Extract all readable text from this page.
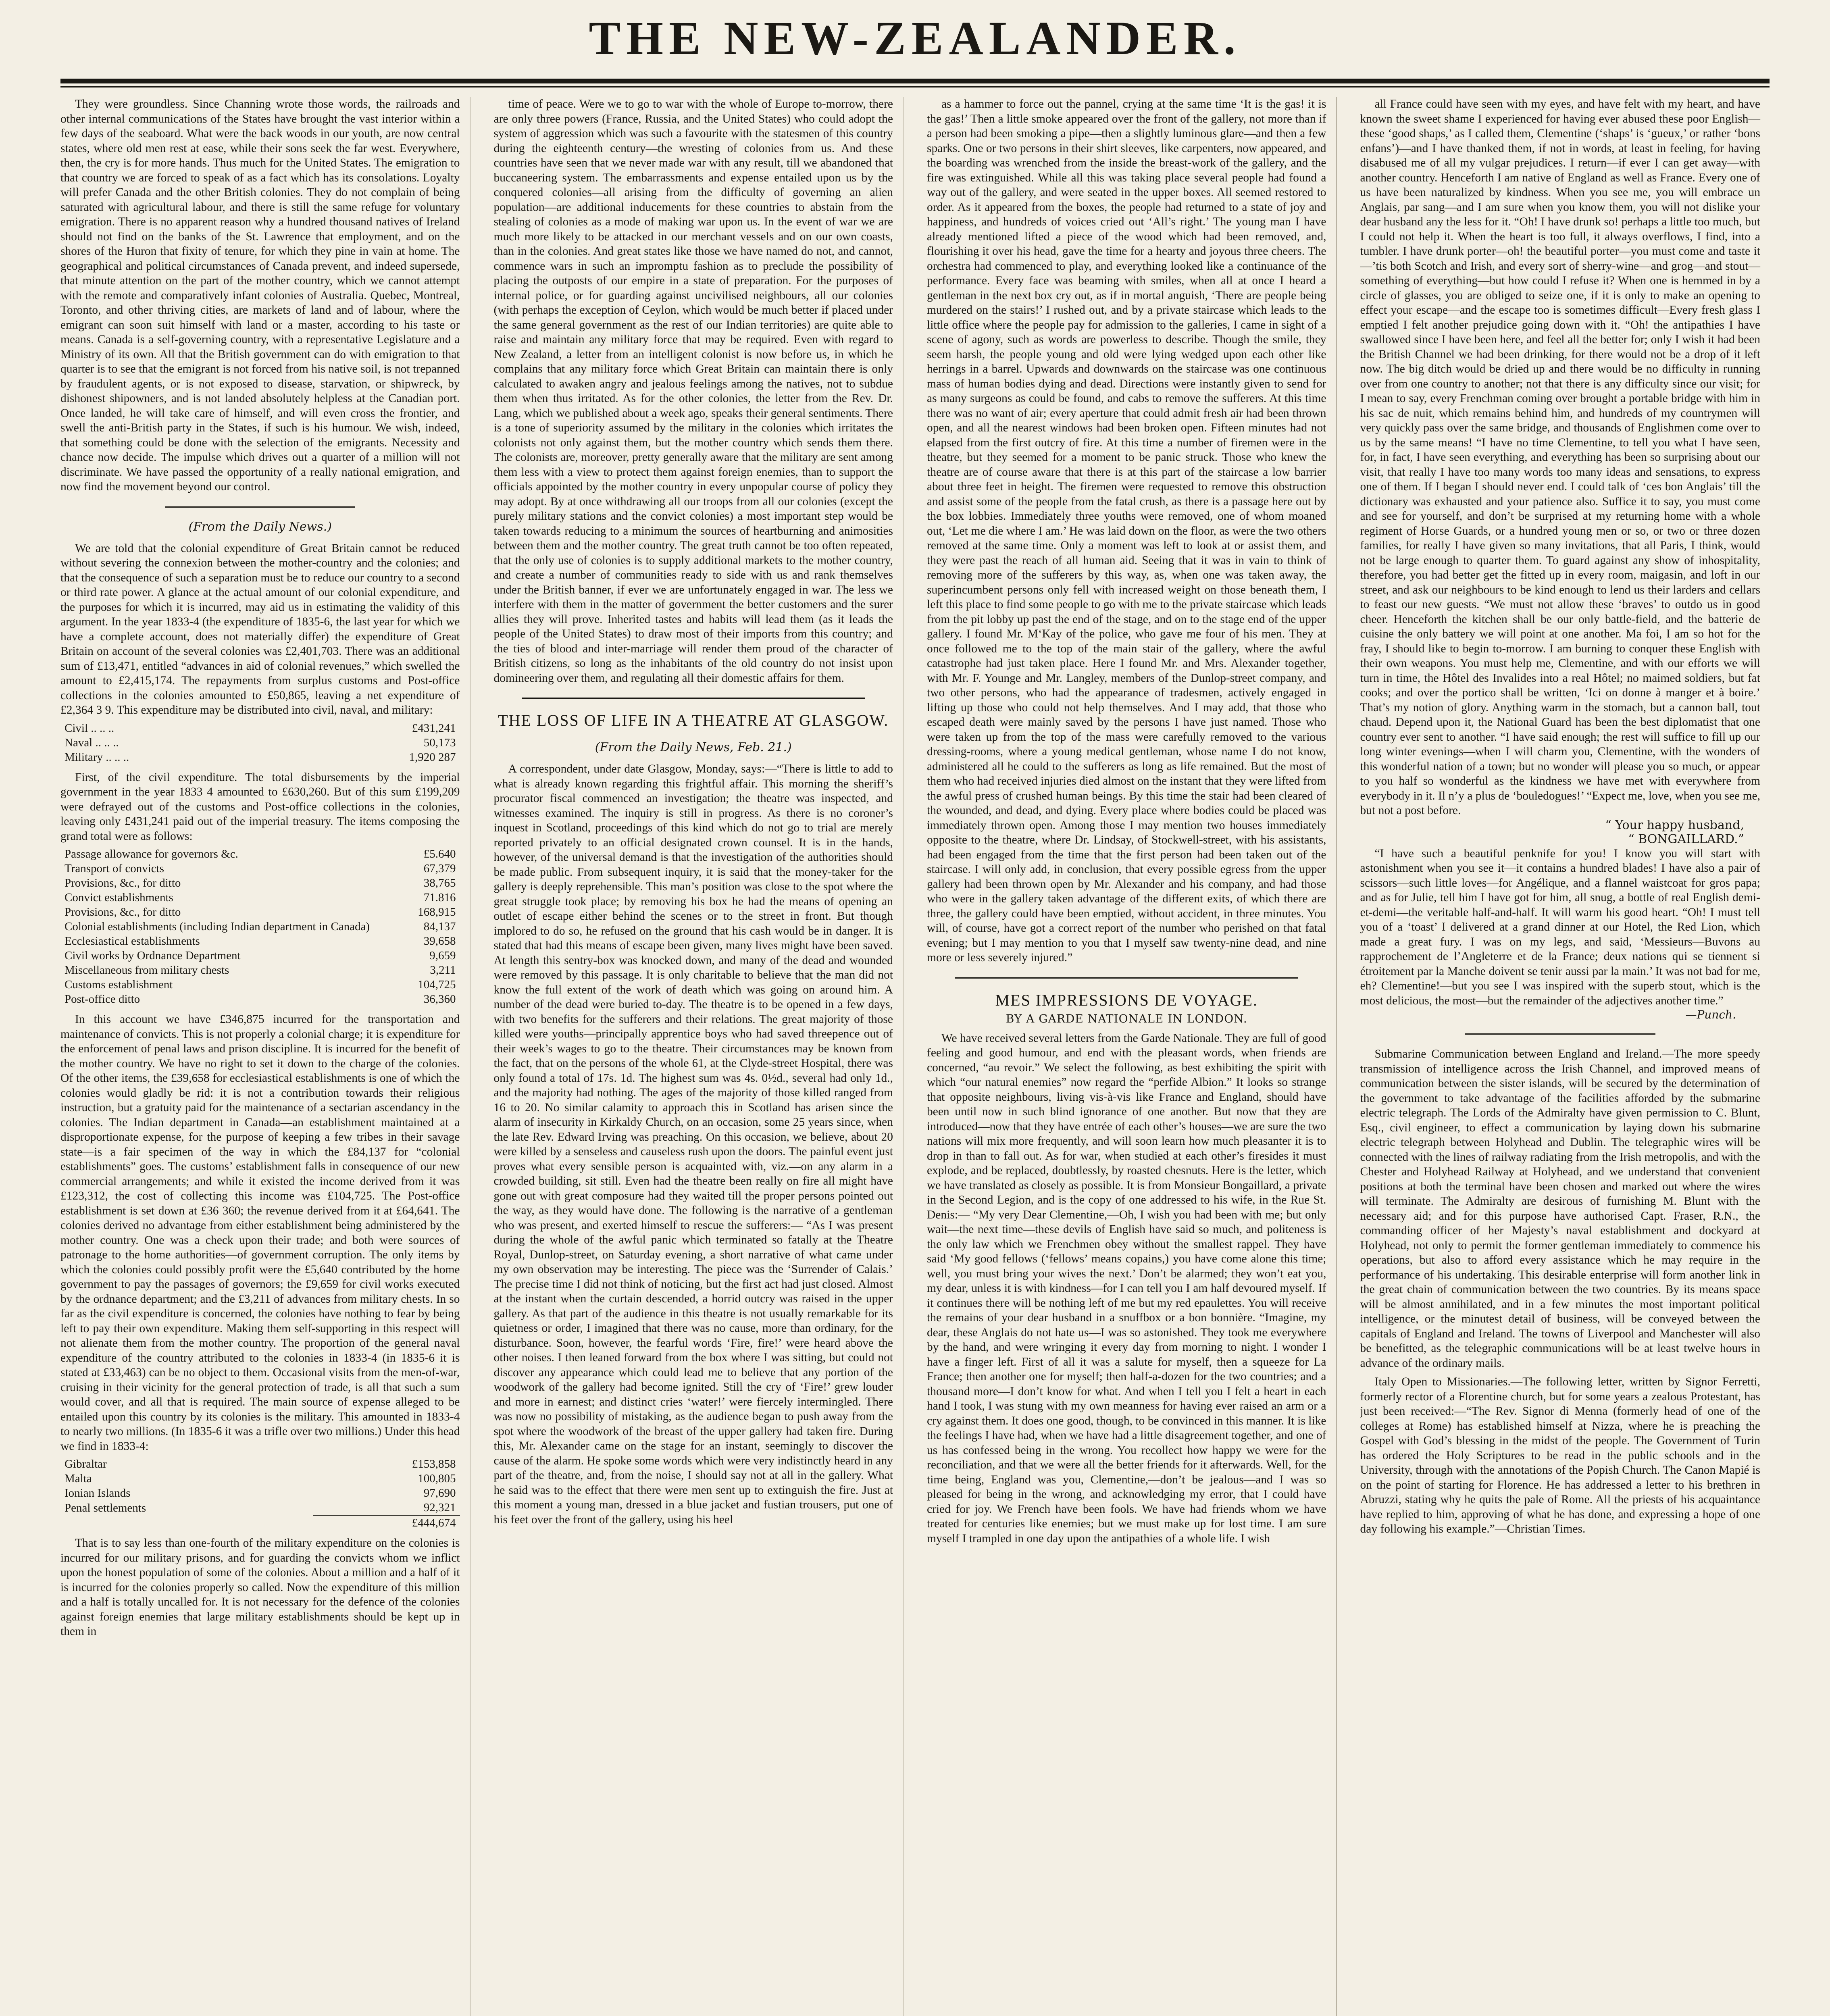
THE NEW-ZEALANDER.

They were groundless. Since Channing wrote those words, the railroads and other internal communications of the States have brought the vast interior within a few days of the seaboard. What were the back woods in our youth, are now central states, where old men rest at ease, while their sons seek the far west. Everywhere, then, the cry is for more hands. Thus much for the United States. The emigration to that country we are forced to speak of as a fact which has its consolations. Loyalty will prefer Canada and the other British colonies. They do not complain of being saturated with agricultural labour, and there is still the same refuge for voluntary emigration. There is no apparent reason why a hundred thousand natives of Ireland should not find on the banks of the St. Lawrence that employment, and on the shores of the Huron that fixity of tenure, for which they pine in vain at home. The geographical and political circumstances of Canada prevent, and indeed supersede, that minute attention on the part of the mother country, which we cannot attempt with the remote and comparatively infant colonies of Australia. Quebec, Montreal, Toronto, and other thriving cities, are markets of land and of labour, where the emigrant can soon suit himself with land or a master, according to his taste or means. Canada is a self-governing country, with a representative Legislature and a Ministry of its own. All that the British government can do with emigration to that quarter is to see that the emigrant is not forced from his native soil, is not trepanned by fraudulent agents, or is not exposed to disease, starvation, or shipwreck, by dishonest shipowners, and is not landed absolutely helpless at the Canadian port. Once landed, he will take care of himself, and will even cross the frontier, and swell the anti-British party in the States, if such is his humour. We wish, indeed, that something could be done with the selection of the emigrants. Necessity and chance now decide. The impulse which drives out a quarter of a million will not discriminate. We have passed the opportunity of a really national emigration, and now find the movement beyond our control.

(From the Daily News.)

We are told that the colonial expenditure of Great Britain cannot be reduced without severing the connexion between the mother-country and the colonies; and that the consequence of such a separation must be to reduce our country to a second or third rate power. A glance at the actual amount of our colonial expenditure, and the purposes for which it is incurred, may aid us in estimating the validity of this argument. In the year 1833-4 (the expenditure of 1835-6, the last year for which we have a complete account, does not materially differ) the expenditure of Great Britain on account of the several colonies was £2,401,703. There was an additional sum of £13,471, entitled “advances in aid of colonial revenues,” which swelled the amount to £2,415,174. The repayments from surplus customs and Post-office collections in the colonies amounted to £50,865, leaving a net expenditure of £2,364 3 9. This expenditure may be distributed into civil, naval, and military:

Civil .. .. ..	£431,241
Naval .. .. ..	50,173
Military .. .. ..	1,920 287

First, of the civil expenditure. The total disbursements by the imperial government in the year 1833 4 amounted to £630,260. But of this sum £199,209 were defrayed out of the customs and Post-office collections in the colonies, leaving only £431,241 paid out of the imperial treasury. The items composing the grand total were as follows:

Passage allowance for governors &c.	£5.640
Transport of convicts	67,379
Provisions, &c., for ditto	38,765
Convict establishments	71.816
Provisions, &c., for ditto	168,915
Colonial establishments (including Indian department in Canada)	84,137
Ecclesiastical establishments	39,658
Civil works by Ordnance Department	9,659
Miscellaneous from military chests	3,211
Customs establishment	104,725
Post-office ditto	36,360

In this account we have £346,875 incurred for the transportation and maintenance of convicts. This is not properly a colonial charge; it is expenditure for the enforcement of penal laws and prison discipline. It is incurred for the benefit of the mother country. We have no right to set it down to the charge of the colonies. Of the other items, the £39,658 for ecclesiastical establishments is one of which the colonies would gladly be rid: it is not a contribution towards their religious instruction, but a gratuity paid for the maintenance of a sectarian ascendancy in the colonies. The Indian department in Canada—an establishment maintained at a disproportionate expense, for the purpose of keeping a few tribes in their savage state—is a fair specimen of the way in which the £84,137 for “colonial establishments” goes. The customs’ establishment falls in consequence of our new commercial arrangements; and while it existed the income derived from it was £123,312, the cost of collecting this income was £104,725. The Post-office establishment is set down at £36 360; the revenue derived from it at £64,641. The colonies derived no advantage from either establishment being administered by the mother country. One was a check upon their trade; and both were sources of patronage to the home authorities—of government corruption. The only items by which the colonies could possibly profit were the £5,640 contributed by the home government to pay the passages of governors; the £9,659 for civil works executed by the ordnance department; and the £3,211 of advances from military chests. In so far as the civil expenditure is concerned, the colonies have nothing to fear by being left to pay their own expenditure. Making them self-supporting in this respect will not alienate them from the mother country. The proportion of the general naval expenditure of the country attributed to the colonies in 1833-4 (in 1835-6 it is stated at £33,463) can be no object to them. Occasional visits from the men-of-war, cruising in their vicinity for the general protection of trade, is all that such a sum would cover, and all that is required. The main source of expense alleged to be entailed upon this country by its colonies is the military. This amounted in 1833-4 to nearly two millions. (In 1835-6 it was a trifle over two millions.) Under this head we find in 1833-4:

Gibraltar	£153,858
Malta	100,805
Ionian Islands	97,690
Penal settlements	92,321
	£444,674

That is to say less than one-fourth of the military expenditure on the colonies is incurred for our military prisons, and for guarding the convicts whom we inflict upon the honest population of some of the colonies. About a million and a half of it is incurred for the colonies properly so called. Now the expenditure of this million and a half is totally uncalled for. It is not necessary for the defence of the colonies against foreign enemies that large military establishments should be kept up in them in

time of peace. Were we to go to war with the whole of Europe to-morrow, there are only three powers (France, Russia, and the United States) who could adopt the system of aggression which was such a favourite with the statesmen of this country during the eighteenth century—the wresting of colonies from us. And these countries have seen that we never made war with any result, till we abandoned that buccaneering system. The embarrassments and expense entailed upon us by the conquered colonies—all arising from the difficulty of governing an alien population—are additional inducements for these countries to abstain from the stealing of colonies as a mode of making war upon us. In the event of war we are much more likely to be attacked in our merchant vessels and on our own coasts, than in the colonies. And great states like those we have named do not, and cannot, commence wars in such an impromptu fashion as to preclude the possibility of placing the outposts of our empire in a state of preparation. For the purposes of internal police, or for guarding against uncivilised neighbours, all our colonies (with perhaps the exception of Ceylon, which would be much better if placed under the same general government as the rest of our Indian territories) are quite able to raise and maintain any military force that may be required. Even with regard to New Zealand, a letter from an intelligent colonist is now before us, in which he complains that any military force which Great Britain can maintain there is only calculated to awaken angry and jealous feelings among the natives, not to subdue them when thus irritated. As for the other colonies, the letter from the Rev. Dr. Lang, which we published about a week ago, speaks their general sentiments. There is a tone of superiority assumed by the military in the colonies which irritates the colonists not only against them, but the mother country which sends them there. The colonists are, moreover, pretty generally aware that the military are sent among them less with a view to protect them against foreign enemies, than to support the officials appointed by the mother country in every unpopular course of policy they may adopt. By at once withdrawing all our troops from all our colonies (except the purely military stations and the convict colonies) a most important step would be taken towards reducing to a minimum the sources of heartburning and animosities between them and the mother country. The great truth cannot be too often repeated, that the only use of colonies is to supply additional markets to the mother country, and create a number of communities ready to side with us and rank themselves under the British banner, if ever we are unfortunately engaged in war. The less we interfere with them in the matter of government the better customers and the surer allies they will prove. Inherited tastes and habits will lead them (as it leads the people of the United States) to draw most of their imports from this country; and the ties of blood and inter-marriage will render them proud of the character of British citizens, so long as the inhabitants of the old country do not insist upon domineering over them, and regulating all their domestic affairs for them.

THE LOSS OF LIFE IN A THEATRE AT GLASGOW.
(From the Daily News, Feb. 21.)

A correspondent, under date Glasgow, Monday, says:—“There is little to add to what is already known regarding this frightful affair. This morning the sheriff’s procurator fiscal commenced an investigation; the theatre was inspected, and witnesses examined. The inquiry is still in progress. As there is no coroner’s inquest in Scotland, proceedings of this kind which do not go to trial are merely reported privately to an official designated crown counsel. It is in the hands, however, of the universal demand is that the investigation of the authorities should be made public. From subsequent inquiry, it is said that the money-taker for the gallery is deeply reprehensible. This man’s position was close to the spot where the great struggle took place; by removing his box he had the means of opening an outlet of escape either behind the scenes or to the street in front. But though implored to do so, he refused on the ground that his cash would be in danger. It is stated that had this means of escape been given, many lives might have been saved. At length this sentry-box was knocked down, and many of the dead and wounded were removed by this passage. It is only charitable to believe that the man did not know the full extent of the work of death which was going on around him. A number of the dead were buried to-day. The theatre is to be opened in a few days, with two benefits for the sufferers and their relations. The great majority of those killed were youths—principally apprentice boys who had saved threepence out of their week’s wages to go to the theatre. Their circumstances may be known from the fact, that on the persons of the whole 61, at the Clyde-street Hospital, there was only found a total of 17s. 1d. The highest sum was 4s. 0½d., several had only 1d., and the majority had nothing. The ages of the majority of those killed ranged from 16 to 20. No similar calamity to approach this in Scotland has arisen since the alarm of insecurity in Kirkaldy Church, on an occasion, some 25 years since, when the late Rev. Edward Irving was preaching. On this occasion, we believe, about 20 were killed by a senseless and causeless rush upon the doors. The painful event just proves what every sensible person is acquainted with, viz.—on any alarm in a crowded building, sit still. Even had the theatre been really on fire all might have gone out with great composure had they waited till the proper persons pointed out the way, as they would have done. The following is the narrative of a gentleman who was present, and exerted himself to rescue the sufferers:— “As I was present during the whole of the awful panic which terminated so fatally at the Theatre Royal, Dunlop-street, on Saturday evening, a short narrative of what came under my own observation may be interesting. The piece was the ‘Surrender of Calais.’ The precise time I did not think of noticing, but the first act had just closed. Almost at the instant when the curtain descended, a horrid outcry was raised in the upper gallery. As that part of the audience in this theatre is not usually remarkable for its quietness or order, I imagined that there was no cause, more than ordinary, for the disturbance. Soon, however, the fearful words ‘Fire, fire!’ were heard above the other noises. I then leaned forward from the box where I was sitting, but could not discover any appearance which could lead me to believe that any portion of the woodwork of the gallery had become ignited. Still the cry of ‘Fire!’ grew louder and more in earnest; and distinct cries ‘water!’ were fiercely intermingled. There was now no possibility of mistaking, as the audience began to push away from the spot where the woodwork of the breast of the upper gallery had taken fire. During this, Mr. Alexander came on the stage for an instant, seemingly to discover the cause of the alarm. He spoke some words which were very indistinctly heard in any part of the theatre, and, from the noise, I should say not at all in the gallery. What he said was to the effect that there were men sent up to extinguish the fire. Just at this moment a young man, dressed in a blue jacket and fustian trousers, put one of his feet over the front of the gallery, using his heel

as a hammer to force out the pannel, crying at the same time ‘It is the gas! it is the gas!’ Then a little smoke appeared over the front of the gallery, not more than if a person had been smoking a pipe—then a slightly luminous glare—and then a few sparks. One or two persons in their shirt sleeves, like carpenters, now appeared, and the boarding was wrenched from the inside the breast-work of the gallery, and the fire was extinguished. While all this was taking place several people had found a way out of the gallery, and were seated in the upper boxes. All seemed restored to order. As it appeared from the boxes, the people had returned to a state of joy and happiness, and hundreds of voices cried out ‘All’s right.’ The young man I have already mentioned lifted a piece of the wood which had been removed, and, flourishing it over his head, gave the time for a hearty and joyous three cheers. The orchestra had commenced to play, and everything looked like a continuance of the performance. Every face was beaming with smiles, when all at once I heard a gentleman in the next box cry out, as if in mortal anguish, ‘There are people being murdered on the stairs!’ I rushed out, and by a private staircase which leads to the little office where the people pay for admission to the galleries, I came in sight of a scene of agony, such as words are powerless to describe. Though the smile, they seem harsh, the people young and old were lying wedged upon each other like herrings in a barrel. Upwards and downwards on the staircase was one continuous mass of human bodies dying and dead. Directions were instantly given to send for as many surgeons as could be found, and cabs to remove the sufferers. At this time there was no want of air; every aperture that could admit fresh air had been thrown open, and all the nearest windows had been broken open. Fifteen minutes had not elapsed from the first outcry of fire. At this time a number of firemen were in the theatre, but they seemed for a moment to be panic struck. Those who knew the theatre are of course aware that there is at this part of the staircase a low barrier about three feet in height. The firemen were requested to remove this obstruction and assist some of the people from the fatal crush, as there is a passage here out by the box lobbies. Immediately three youths were removed, one of whom moaned out, ‘Let me die where I am.’ He was laid down on the floor, as were the two others removed at the same time. Only a moment was left to look at or assist them, and they were past the reach of all human aid. Seeing that it was in vain to think of removing more of the sufferers by this way, as, when one was taken away, the superincumbent persons only fell with increased weight on those beneath them, I left this place to find some people to go with me to the private staircase which leads from the pit lobby up past the end of the stage, and on to the stage end of the upper gallery. I found Mr. M‘Kay of the police, who gave me four of his men. They at once followed me to the top of the main stair of the gallery, where the awful catastrophe had just taken place. Here I found Mr. and Mrs. Alexander together, with Mr. F. Younge and Mr. Langley, members of the Dunlop-street company, and two other persons, who had the appearance of tradesmen, actively engaged in lifting up those who could not help themselves. And I may add, that those who escaped death were mainly saved by the persons I have just named. Those who were taken up from the top of the mass were carefully removed to the various dressing-rooms, where a young medical gentleman, whose name I do not know, administered all he could to the sufferers as long as life remained. But the most of them who had received injuries died almost on the instant that they were lifted from the awful press of crushed human beings. By this time the stair had been cleared of the wounded, and dead, and dying. Every place where bodies could be placed was immediately thrown open. Among those I may mention two houses immediately opposite to the theatre, where Dr. Lindsay, of Stockwell-street, with his assistants, had been engaged from the time that the first person had been taken out of the staircase. I will only add, in conclusion, that every possible egress from the upper gallery had been thrown open by Mr. Alexander and his company, and had those who were in the gallery taken advantage of the different exits, of which there are three, the gallery could have been emptied, without accident, in three minutes. You will, of course, have got a correct report of the number who perished on that fatal evening; but I may mention to you that I myself saw twenty-nine dead, and nine more or less severely injured.”

MES IMPRESSIONS DE VOYAGE.
BY A GARDE NATIONALE IN LONDON.

We have received several letters from the Garde Nationale. They are full of good feeling and good humour, and end with the pleasant words, when friends are concerned, “au revoir.” We select the following, as best exhibiting the spirit with which “our natural enemies” now regard the “perfide Albion.” It looks so strange that opposite neighbours, living vis-à-vis like France and England, should have been until now in such blind ignorance of one another. But now that they are introduced—now that they have entrée of each other’s houses—we are sure the two nations will mix more frequently, and will soon learn how much pleasanter it is to drop in than to fall out. As for war, when studied at each other’s firesides it must explode, and be replaced, doubtlessly, by roasted chesnuts. Here is the letter, which we have translated as closely as possible. It is from Monsieur Bongaillard, a private in the Second Legion, and is the copy of one addressed to his wife, in the Rue St. Denis:— “My very Dear Clementine,—Oh, I wish you had been with me; but only wait—the next time—these devils of English have said so much, and politeness is the only law which we Frenchmen obey without the smallest rappel. They have said ‘My good fellows (‘fellows’ means copains,) you have come alone this time; well, you must bring your wives the next.’ Don’t be alarmed; they won’t eat you, my dear, unless it is with kindness—for I can tell you I am half devoured myself. If it continues there will be nothing left of me but my red epaulettes. You will receive the remains of your dear husband in a snuffbox or a bon bonnière. “Imagine, my dear, these Anglais do not hate us—I was so astonished. They took me everywhere by the hand, and were wringing it every day from morning to night. I wonder I have a finger left. First of all it was a salute for myself, then a squeeze for La France; then another one for myself; then half-a-dozen for the two countries; and a thousand more—I don’t know for what. And when I tell you I felt a heart in each hand I took, I was stung with my own meanness for having ever raised an arm or a cry against them. It does one good, though, to be convinced in this manner. It is like the feelings I have had, when we have had a little disagreement together, and one of us has confessed being in the wrong. You recollect how happy we were for the reconciliation, and that we were all the better friends for it afterwards. Well, for the time being, England was you, Clementine,—don’t be jealous—and I was so pleased for being in the wrong, and acknowledging my error, that I could have cried for joy. We French have been fools. We have had friends whom we have treated for centuries like enemies; but we must make up for lost time. I am sure myself I trampled in one day upon the antipathies of a whole life. I wish

all France could have seen with my eyes, and have felt with my heart, and have known the sweet shame I experienced for having ever abused these poor English—these ‘good shaps,’ as I called them, Clementine (‘shaps’ is ‘gueux,’ or rather ‘bons enfans’)—and I have thanked them, if not in words, at least in feeling, for having disabused me of all my vulgar prejudices. I return—if ever I can get away—with another country. Henceforth I am native of England as well as France. Every one of us have been naturalized by kindness. When you see me, you will embrace un Anglais, par sang—and I am sure when you know them, you will not dislike your dear husband any the less for it. “Oh! I have drunk so! perhaps a little too much, but I could not help it. When the heart is too full, it always overflows, I find, into a tumbler. I have drunk porter—oh! the beautiful porter—you must come and taste it—’tis both Scotch and Irish, and every sort of sherry-wine—and grog—and stout—something of everything—but how could I refuse it? When one is hemmed in by a circle of glasses, you are obliged to seize one, if it is only to make an opening to effect your escape—and the escape too is sometimes difficult—Every fresh glass I emptied I felt another prejudice going down with it. “Oh! the antipathies I have swallowed since I have been here, and feel all the better for; only I wish it had been the British Channel we had been drinking, for there would not be a drop of it left now. The big ditch would be dried up and there would be no difficulty in running over from one country to another; not that there is any difficulty since our visit; for I mean to say, every Frenchman coming over brought a portable bridge with him in his sac de nuit, which remains behind him, and hundreds of my countrymen will very quickly pass over the same bridge, and thousands of Englishmen come over to us by the same means! “I have no time Clementine, to tell you what I have seen, for, in fact, I have seen everything, and everything has been so surprising about our visit, that really I have too many words too many ideas and sensations, to express one of them. If I began I should never end. I could talk of ‘ces bon Anglais’ till the dictionary was exhausted and your patience also. Suffice it to say, you must come and see for yourself, and don’t be surprised at my returning home with a whole regiment of Horse Guards, or a hundred young men or so, or two or three dozen families, for really I have given so many invitations, that all Paris, I think, would not be large enough to quarter them. To guard against any show of inhospitality, therefore, you had better get the fitted up in every room, maigasin, and loft in our street, and ask our neighbours to be kind enough to lend us their larders and cellars to feast our new guests. “We must not allow these ‘braves’ to outdo us in good cheer. Henceforth the kitchen shall be our only battle-field, and the batterie de cuisine the only battery we will point at one another. Ma foi, I am so hot for the fray, I should like to begin to-morrow. I am burning to conquer these English with their own weapons. You must help me, Clementine, and with our efforts we will turn in time, the Hôtel des Invalides into a real Hôtel; no maimed soldiers, but fat cooks; and over the portico shall be written, ‘Ici on donne à manger et à boire.’ That’s my notion of glory. Anything warm in the stomach, but a cannon ball, tout chaud. Depend upon it, the National Guard has been the best diplomatist that one country ever sent to another. “I have said enough; the rest will suffice to fill up our long winter evenings—when I will charm you, Clementine, with the wonders of this wonderful nation of a town; but no wonder will please you so much, or appear to you half so wonderful as the kindness we have met with everywhere from everybody in it. Il n’y a plus de ‘bouledogues!’ “Expect me, love, when you see me, but not a post before.

“ Your happy husband,
“ BONGAILLARD.”

“I have such a beautiful penknife for you! I know you will start with astonishment when you see it—it contains a hundred blades! I have also a pair of scissors—such little loves—for Angélique, and a flannel waistcoat for gros papa; and as for Julie, tell him I have got for him, all snug, a bottle of real English demi-et-demi—the veritable half-and-half. It will warm his good heart. “Oh! I must tell you of a ‘toast’ I delivered at a grand dinner at our Hotel, the Red Lion, which made a great fury. I was on my legs, and said, ‘Messieurs—Buvons au rapprochement de l’Angleterre et de la France; deux nations qui se tiennent si étroitement par la Manche doivent se tenir aussi par la main.’ It was not bad for me, eh? Clementine!—but you see I was inspired with the superb stout, which is the most delicious, the most—but the remainder of the adjectives another time.”

—Punch.

Submarine Communication between England and Ireland.—The more speedy transmission of intelligence across the Irish Channel, and improved means of communication between the sister islands, will be secured by the determination of the government to take advantage of the facilities afforded by the submarine electric telegraph. The Lords of the Admiralty have given permission to C. Blunt, Esq., civil engineer, to effect a communication by laying down his submarine electric telegraph between Holyhead and Dublin. The telegraphic wires will be connected with the lines of railway radiating from the Irish metropolis, and with the Chester and Holyhead Railway at Holyhead, and we understand that convenient positions at both the terminal have been chosen and marked out where the wires will terminate. The Admiralty are desirous of furnishing M. Blunt with the necessary aid; and for this purpose have authorised Capt. Fraser, R.N., the commanding officer of her Majesty’s naval establishment and dockyard at Holyhead, not only to permit the former gentleman immediately to commence his operations, but also to afford every assistance which he may require in the performance of his undertaking. This desirable enterprise will form another link in the great chain of communication between the two countries. By its means space will be almost annihilated, and in a few minutes the most important political intelligence, or the minutest detail of business, will be conveyed between the capitals of England and Ireland. The towns of Liverpool and Manchester will also be benefitted, as the telegraphic communications will be at least twelve hours in advance of the ordinary mails.

Italy Open to Missionaries.—The following letter, written by Signor Ferretti, formerly rector of a Florentine church, but for some years a zealous Protestant, has just been received:—“The Rev. Signor di Menna (formerly head of one of the colleges at Rome) has established himself at Nizza, where he is preaching the Gospel with God’s blessing in the midst of the people. The Government of Turin has ordered the Holy Scriptures to be read in the public schools and in the University, through with the annotations of the Popish Church. The Canon Mapié is on the point of starting for Florence. He has addressed a letter to his brethren in Abruzzi, stating why he quits the pale of Rome. All the priests of his acquaintance have replied to him, approving of what he has done, and expressing a hope of one day following his example.”—Christian Times.
